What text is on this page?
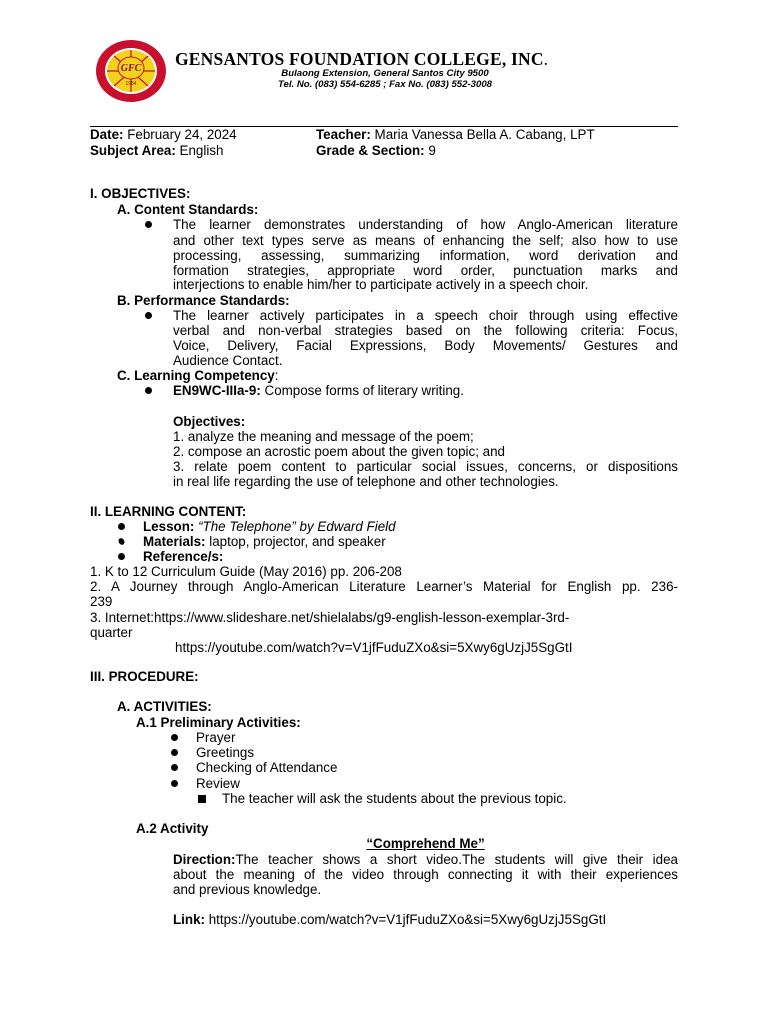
GFC
1984
GENSANTOS FOUNDATION COLLEGE, INC.
Bulaong Extension, General Santos City 9500
Tel. No. (083) 554-6285 ; Fax No. (083) 552-3008
Date: February 24, 2024	Teacher: Maria Vanessa Bella A. Cabang, LPT
Subject Area: English	Grade & Section: 9
I. OBJECTIVES:
A. Content Standards:
The learner demonstrates understanding of how Anglo-American literature
and other text types serve as means of enhancing the self; also how to use
processing, assessing, summarizing information, word derivation and
formation strategies, appropriate word order, punctuation marks and
interjections to enable him/her to participate actively in a speech choir.
B. Performance Standards:
The learner actively participates in a speech choir through using effective
verbal and non-verbal strategies based on the following criteria: Focus,
Voice, Delivery, Facial Expressions, Body Movements/ Gestures and
Audience Contact.
C. Learning Competency:
EN9WC-IIIa-9: Compose forms of literary writing.
Objectives:
1. analyze the meaning and message of the poem;
2. compose an acrostic poem about the given topic; and
3. relate poem content to particular social issues, concerns, or dispositions
in real life regarding the use of telephone and other technologies.
II. LEARNING CONTENT:
Lesson: “The Telephone” by Edward Field
Materials: laptop, projector, and speaker
Reference/s:
1. K to 12 Curriculum Guide (May 2016) pp. 206-208
2. A Journey through Anglo-American Literature Learner’s Material for English pp. 236-
239
3. Internet:https://www.slideshare.net/shielalabs/g9-english-lesson-exemplar-3rd-
quarter
https://youtube.com/watch?v=V1jfFuduZXo&si=5Xwy6gUzjJ5SgGtI
III. PROCEDURE:
A. ACTIVITIES:
A.1 Preliminary Activities:
Prayer
Greetings
Checking of Attendance
Review
The teacher will ask the students about the previous topic.
A.2 Activity
“Comprehend Me”
Direction:The teacher shows a short video.The students will give their idea
about the meaning of the video through connecting it with their experiences
and previous knowledge.
Link: https://youtube.com/watch?v=V1jfFuduZXo&si=5Xwy6gUzjJ5SgGtI
